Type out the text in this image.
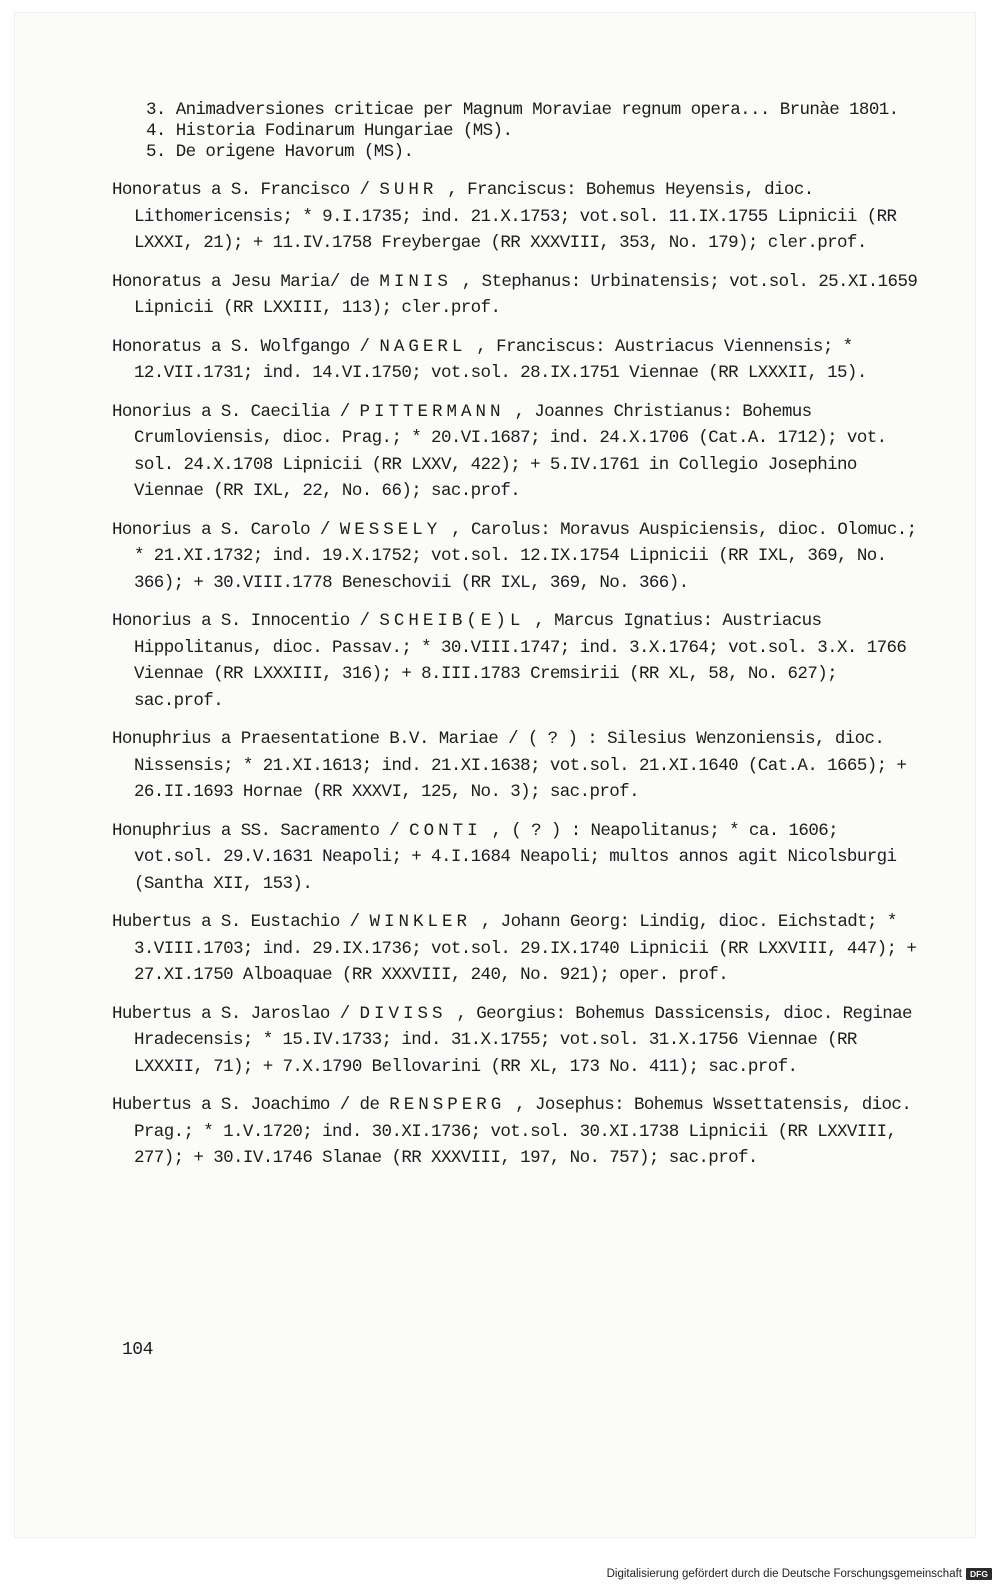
3. Animadversiones criticae per Magnum Moraviae regnum opera... Brunàe 1801.
4. Historia Fodinarum Hungariae (MS).
5. De origene Havorum (MS).
Honoratus a S. Francisco / SUHR , Franciscus: Bohemus Heyensis, dioc. Lithomericensis; * 9.I.1735; ind. 21.X.1753; vot.sol. 11.IX.1755 Lipnicii (RR LXXXI, 21); + 11.IV.1758 Freybergae (RR XXXVIII, 353, No. 179); cler.prof.
Honoratus a Jesu Maria/ de MINIS , Stephanus: Urbinatensis; vot.sol. 25.XI.1659 Lipnicii (RR LXXIII, 113); cler.prof.
Honoratus a S. Wolfgango / NAGERL , Franciscus: Austriacus Viennensis; * 12.VII.1731; ind. 14.VI.1750; vot.sol. 28.IX.1751 Viennae (RR LXXXII, 15).
Honorius a S. Caecilia / PITTERMANN , Joannes Christianus: Bohemus Crumloviensis, dioc. Prag.; * 20.VI.1687; ind. 24.X.1706 (Cat.A. 1712); vot. sol. 24.X.1708 Lipnicii (RR LXXV, 422); + 5.IV.1761 in Collegio Josephino Viennae (RR IXL, 22, No. 66); sac.prof.
Honorius a S. Carolo / WESSELY , Carolus: Moravus Auspiciensis, dioc. Olomuc.; * 21.XI.1732; ind. 19.X.1752; vot.sol. 12.IX.1754 Lipnicii (RR IXL, 369, No. 366); + 30.VIII.1778 Beneschovii (RR IXL, 369, No. 366).
Honorius a S. Innocentio / SCHEIB(E)L , Marcus Ignatius: Austriacus Hippolitanus, dioc. Passav.; * 30.VIII.1747; ind. 3.X.1764; vot.sol. 3.X. 1766 Viennae (RR LXXXIII, 316); + 8.III.1783 Cremsirii (RR XL, 58, No. 627); sac.prof.
Honuphrius a Praesentatione B.V. Mariae / ( ? ) : Silesius Wenzoniensis, dioc. Nissensis; * 21.XI.1613; ind. 21.XI.1638; vot.sol. 21.XI.1640 (Cat.A. 1665); + 26.II.1693 Hornae (RR XXXVI, 125, No. 3); sac.prof.
Honuphrius a SS. Sacramento / CONTI , ( ? ) : Neapolitanus; * ca. 1606; vot.sol. 29.V.1631 Neapoli; + 4.I.1684 Neapoli; multos annos agit Nicolsburgi (Santha XII, 153).
Hubertus a S. Eustachio / WINKLER , Johann Georg: Lindig, dioc. Eichstadt; * 3.VIII.1703; ind. 29.IX.1736; vot.sol. 29.IX.1740 Lipnicii (RR LXXVIII, 447); + 27.XI.1750 Alboaquae (RR XXXVIII, 240, No. 921); oper. prof.
Hubertus a S. Jaroslao / DIVISS , Georgius: Bohemus Dassicensis, dioc. Reginae Hradecensis; * 15.IV.1733; ind. 31.X.1755; vot.sol. 31.X.1756 Viennae (RR LXXXII, 71); + 7.X.1790 Bellovarini (RR XL, 173 No. 411); sac.prof.
Hubertus a S. Joachimo / de RENSPERG , Josephus: Bohemus Wssettatensis, dioc. Prag.; * 1.V.1720; ind. 30.XI.1736; vot.sol. 30.XI.1738 Lipnicii (RR LXXVIII, 277); + 30.IV.1746 Slanae (RR XXXVIII, 197, No. 757); sac.prof.
104
Digitalisierung gefördert durch die Deutsche Forschungsgemeinschaft DFG
